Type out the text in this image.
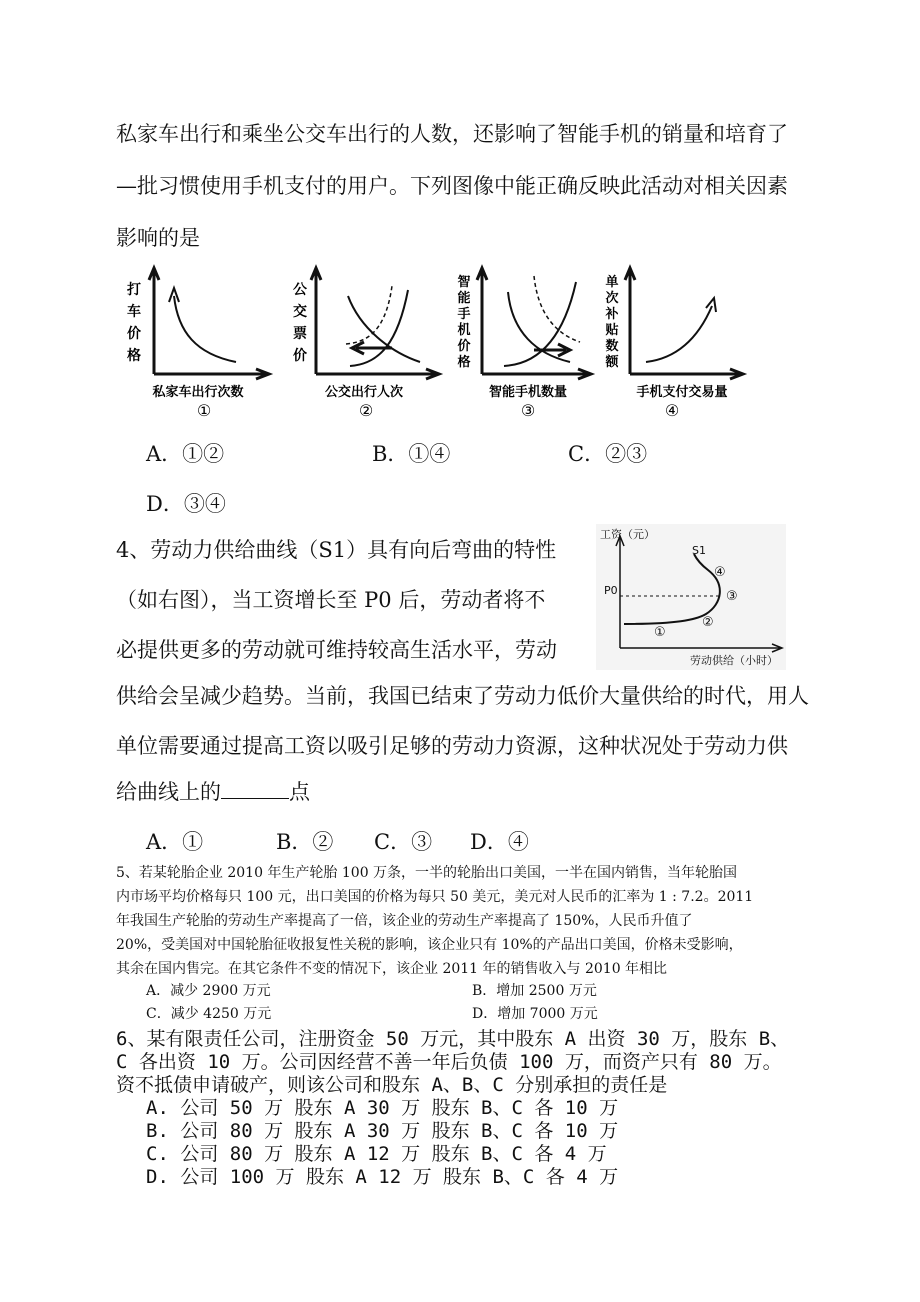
私家车出行和乘坐公交车出行的人数，还影响了智能手机的销量和培育了
—批习惯使用手机支付的用户。下列图像中能正确反映此活动对相关因素
影响的是
打
车
价
格
私家车出行次数
①
公
交
票
价
公交出行人次
②
智
能
手
机
价
格
智能手机数量
③
单
次
补
贴
数
额
手机支付交易量
④
A．①②	B．①④	C．②③
D．③④
4、劳动力供给曲线（S1）具有向后弯曲的特性
（如右图），当工资增长至 P0 后，劳动者将不
必提供更多的劳动就可维持较高生活水平，劳动
供给会呈减少趋势。当前，我国已结束了劳动力低价大量供给的时代，用人
单位需要通过提高工资以吸引足够的劳动力资源，这种状况处于劳动力供
给曲线上的	点
工资（元）
S1
P0
①
②
③
④
劳动供给（小时）
A．①	B．② C．③ D．④
5、若某轮胎企业 2010 年生产轮胎 100 万条，一半的轮胎出口美国，一半在国内销售，当年轮胎国
内市场平均价格每只 100 元，出口美国的价格为每只 50 美元，美元对人民币的汇率为 1 : 7.2。2011
年我国生产轮胎的劳动生产率提高了一倍，该企业的劳动生产率提高了 150%，人民币升值了
20%，受美国对中国轮胎征收报复性关税的影响，该企业只有 10%的产品出口美国，价格未受影响，
其余在国内售完。在其它条件不变的情况下，该企业 2011 年的销售收入与 2010 年相比
A．减少 2900 万元	B．增加 2500 万元
C．减少 4250 万元	D．增加 7000 万元
6、某有限责任公司，注册资金 50 万元，其中股东 A 出资 30 万，股东 B、
C 各出资 10 万。公司因经营不善一年后负债 100 万，而资产只有 80 万。
资不抵债申请破产，则该公司和股东 A、B、C 分别承担的责任是
A. 公司 50 万 股东 A 30 万 股东 B、C 各 10 万
B. 公司 80 万 股东 A 30 万 股东 B、C 各 10 万
C. 公司 80 万 股东 A 12 万 股东 B、C 各 4 万
D. 公司 100 万 股东 A 12 万 股东 B、C 各 4 万
